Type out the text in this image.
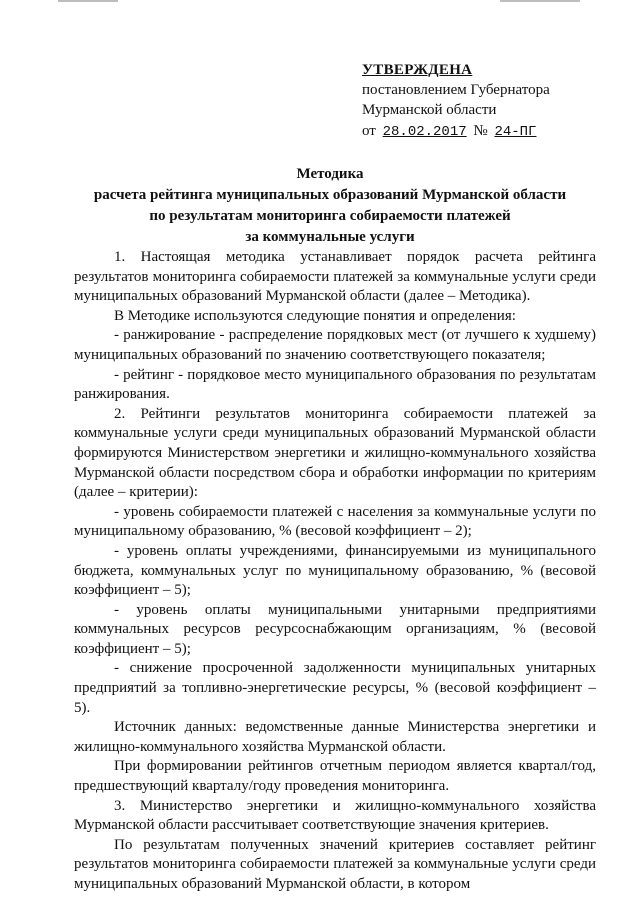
УТВЕРЖДЕНА
постановлением Губернатора
Мурманской области
от 28.02.2017 № 24-ПГ
Методика
расчета рейтинга муниципальных образований Мурманской области
по результатам мониторинга собираемости платежей
за коммунальные услуги

1. Настоящая методика устанавливает порядок расчета рейтинга результатов мониторинга собираемости платежей за коммунальные услуги среди муниципальных образований Мурманской области (далее – Методика).

В Методике используются следующие понятия и определения:

- ранжирование - распределение порядковых мест (от лучшего к худшему) муниципальных образований по значению соответствующего показателя;

- рейтинг - порядковое место муниципального образования по результатам ранжирования.

2. Рейтинги результатов мониторинга собираемости платежей за коммунальные услуги среди муниципальных образований Мурманской области формируются Министерством энергетики и жилищно-коммунального хозяйства Мурманской области посредством сбора и обработки информации по критериям (далее – критерии):

- уровень собираемости платежей с населения за коммунальные услуги по муниципальному образованию, % (весовой коэффициент – 2);

- уровень оплаты учреждениями, финансируемыми из муниципального бюджета, коммунальных услуг по муниципальному образованию, % (весовой коэффициент – 5);

- уровень оплаты муниципальными унитарными предприятиями коммунальных ресурсов ресурсоснабжающим организациям, % (весовой коэффициент – 5);

- снижение просроченной задолженности муниципальных унитарных предприятий за топливно-энергетические ресурсы, % (весовой коэффициент – 5).

Источник данных: ведомственные данные Министерства энергетики и жилищно-коммунального хозяйства Мурманской области.

При формировании рейтингов отчетным периодом является квартал/год, предшествующий кварталу/году проведения мониторинга.

3. Министерство энергетики и жилищно-коммунального хозяйства Мурманской области рассчитывает соответствующие значения критериев.

По результатам полученных значений критериев составляет рейтинг результатов мониторинга собираемости платежей за коммунальные услуги среди муниципальных образований Мурманской области, в котором
